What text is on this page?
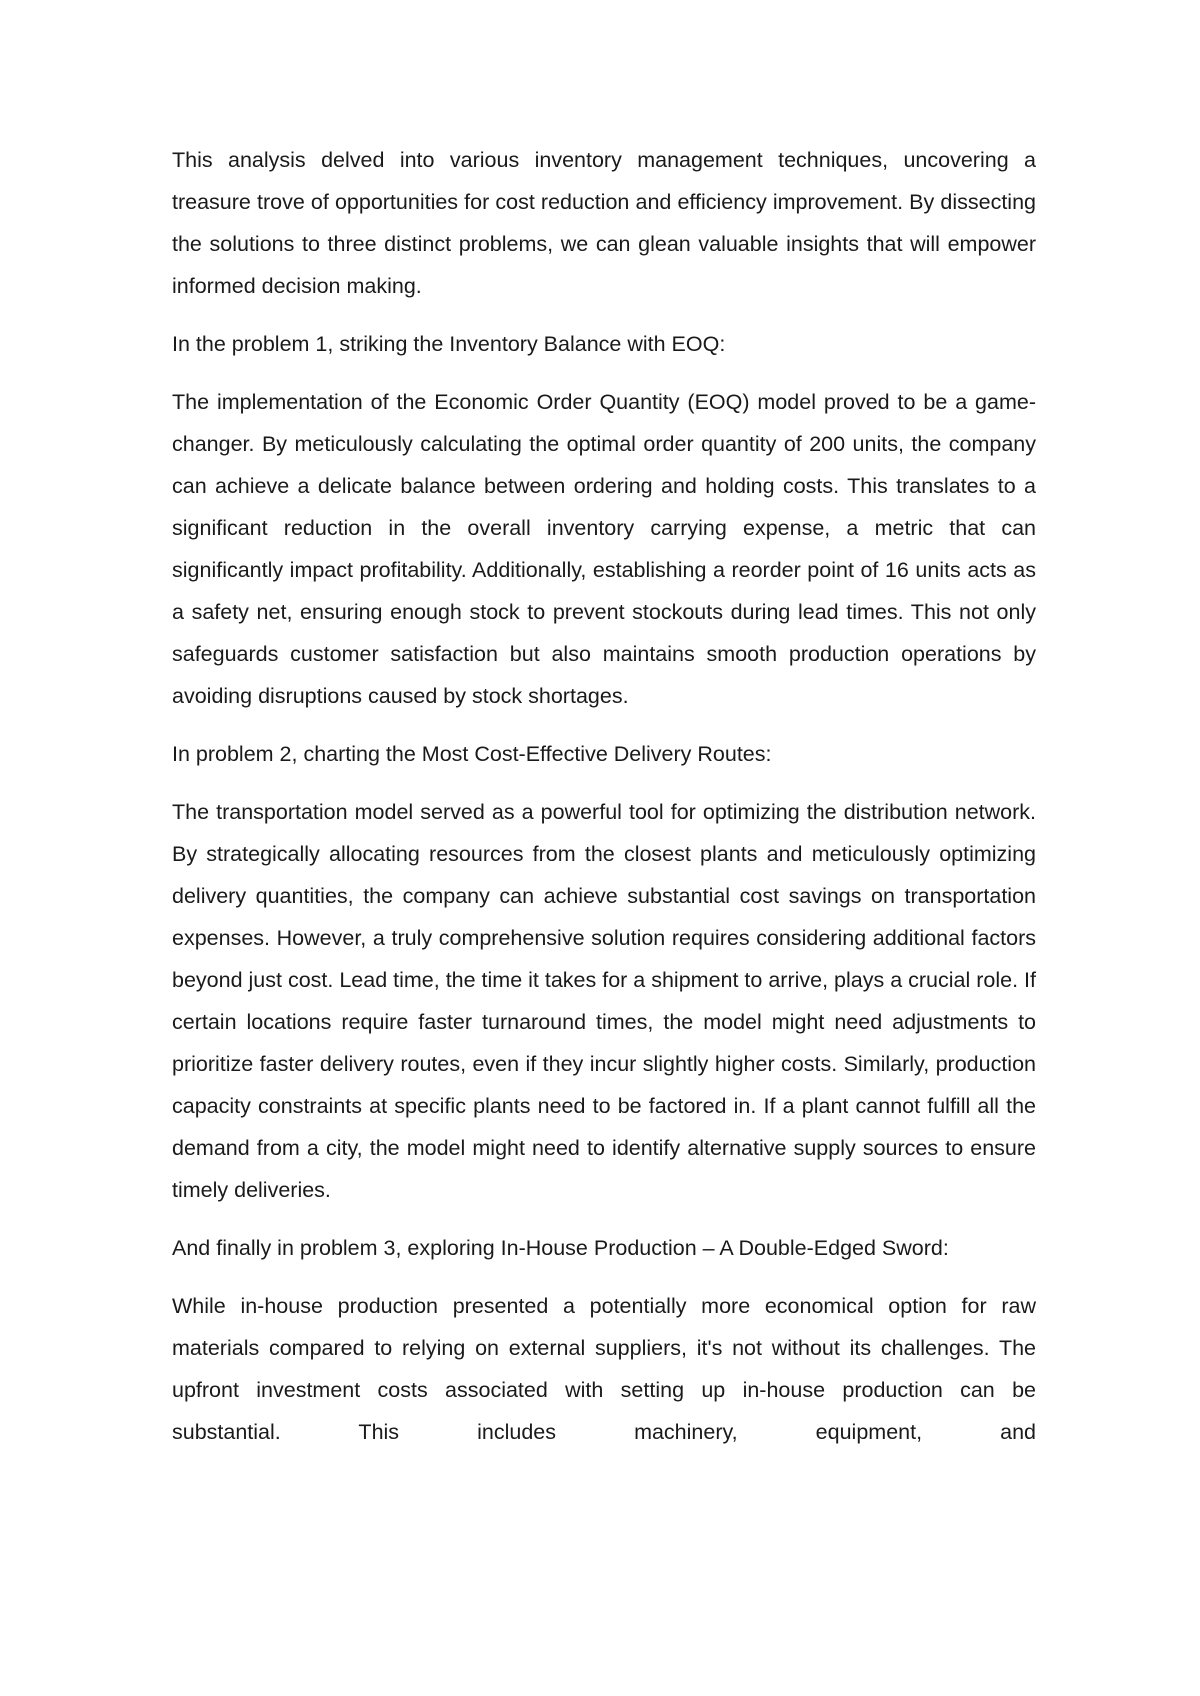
This analysis delved into various inventory management techniques, uncovering a treasure trove of opportunities for cost reduction and efficiency improvement. By dissecting the solutions to three distinct problems, we can glean valuable insights that will empower informed decision making.

In the problem 1, striking the Inventory Balance with EOQ:

The implementation of the Economic Order Quantity (EOQ) model proved to be a game-changer. By meticulously calculating the optimal order quantity of 200 units, the company can achieve a delicate balance between ordering and holding costs. This translates to a significant reduction in the overall inventory carrying expense, a metric that can significantly impact profitability. Additionally, establishing a reorder point of 16 units acts as a safety net, ensuring enough stock to prevent stockouts during lead times. This not only safeguards customer satisfaction but also maintains smooth production operations by avoiding disruptions caused by stock shortages.

In problem 2, charting the Most Cost-Effective Delivery Routes:

The transportation model served as a powerful tool for optimizing the distribution network. By strategically allocating resources from the closest plants and meticulously optimizing delivery quantities, the company can achieve substantial cost savings on transportation expenses. However, a truly comprehensive solution requires considering additional factors beyond just cost. Lead time, the time it takes for a shipment to arrive, plays a crucial role. If certain locations require faster turnaround times, the model might need adjustments to prioritize faster delivery routes, even if they incur slightly higher costs. Similarly, production capacity constraints at specific plants need to be factored in. If a plant cannot fulfill all the demand from a city, the model might need to identify alternative supply sources to ensure timely deliveries.

And finally in problem 3, exploring In-House Production – A Double-Edged Sword:

While in-house production presented a potentially more economical option for raw materials compared to relying on external suppliers, it's not without its challenges. The upfront investment costs associated with setting up in-house production can be substantial. This includes machinery, equipment, and
